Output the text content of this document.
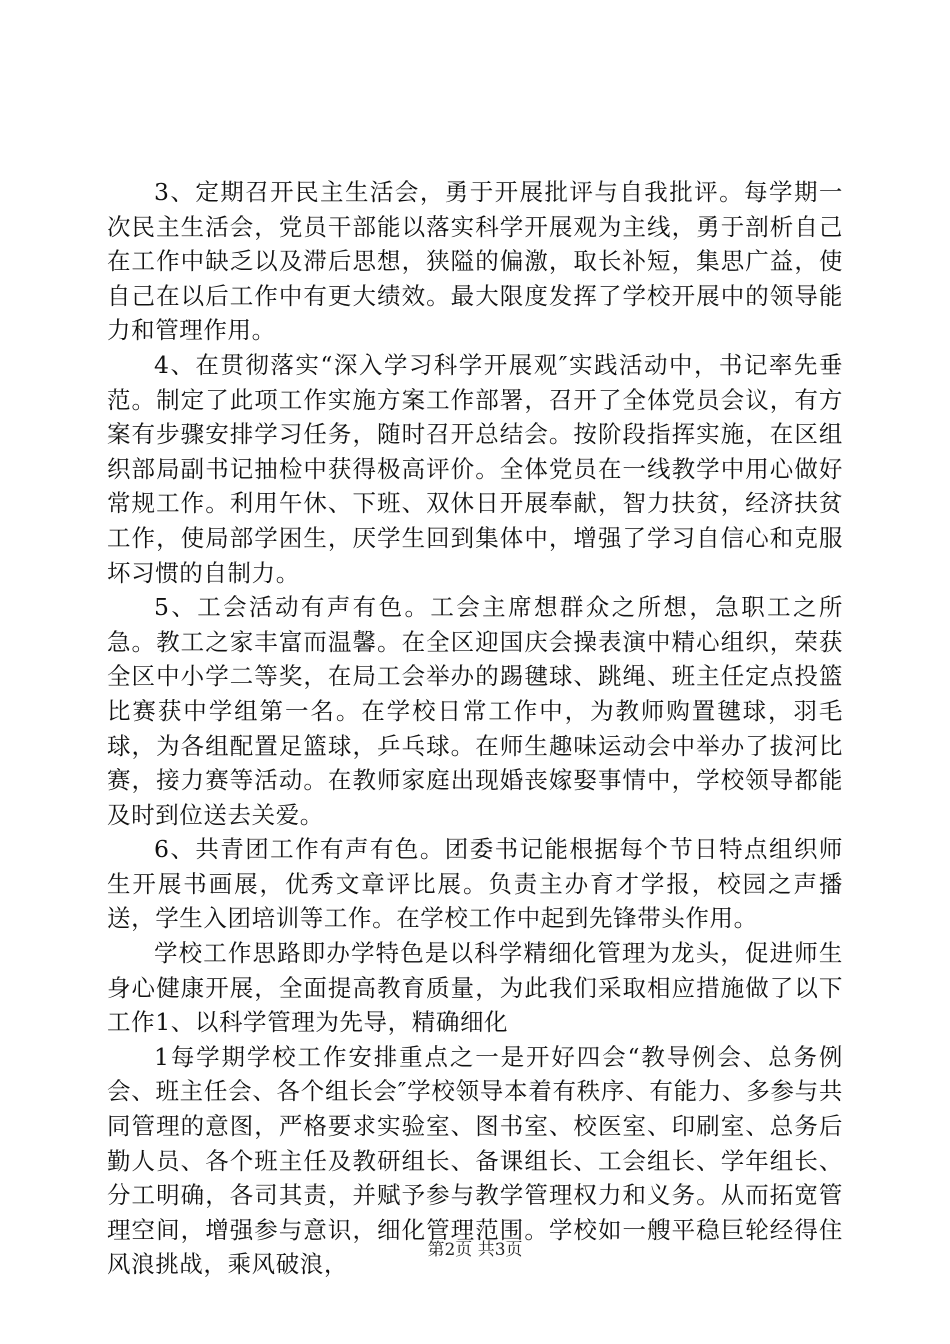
3、定期召开民主生活会，勇于开展批评与自我批评。每学期一次民主生活会，党员干部能以落实科学开展观为主线，勇于剖析自己在工作中缺乏以及滞后思想，狭隘的偏激，取长补短，集思广益，使自己在以后工作中有更大绩效。最大限度发挥了学校开展中的领导能力和管理作用。

4、在贯彻落实“深入学习科学开展观″实践活动中，书记率先垂范。制定了此项工作实施方案工作部署，召开了全体党员会议，有方案有步骤安排学习任务，随时召开总结会。按阶段指挥实施，在区组织部局副书记抽检中获得极高评价。全体党员在一线教学中用心做好常规工作。利用午休、下班、双休日开展奉献，智力扶贫，经济扶贫工作，使局部学困生，厌学生回到集体中，增强了学习自信心和克服坏习惯的自制力。

5、工会活动有声有色。工会主席想群众之所想，急职工之所急。教工之家丰富而温馨。在全区迎国庆会操表演中精心组织，荣获全区中小学二等奖，在局工会举办的踢毽球、跳绳、班主任定点投篮比赛获中学组第一名。在学校日常工作中，为教师购置毽球，羽毛球，为各组配置足篮球，乒乓球。在师生趣味运动会中举办了拔河比赛，接力赛等活动。在教师家庭出现婚丧嫁娶事情中，学校领导都能及时到位送去关爱。

6、共青团工作有声有色。团委书记能根据每个节日特点组织师生开展书画展，优秀文章评比展。负责主办育才学报，校园之声播送，学生入团培训等工作。在学校工作中起到先锋带头作用。

学校工作思路即办学特色是以科学精细化管理为龙头，促进师生身心健康开展，全面提高教育质量，为此我们采取相应措施做了以下工作1、以科学管理为先导，精确细化

1每学期学校工作安排重点之一是开好四会“教导例会、总务例会、班主任会、各个组长会″学校领导本着有秩序、有能力、多参与共同管理的意图，严格要求实验室、图书室、校医室、印刷室、总务后勤人员、各个班主任及教研组长、备课组长、工会组长、学年组长、分工明确，各司其责，并赋予参与教学管理权力和义务。从而拓宽管理空间，增强参与意识，细化管理范围。学校如一艘平稳巨轮经得住风浪挑战，乘风破浪，

第2页 共3页
